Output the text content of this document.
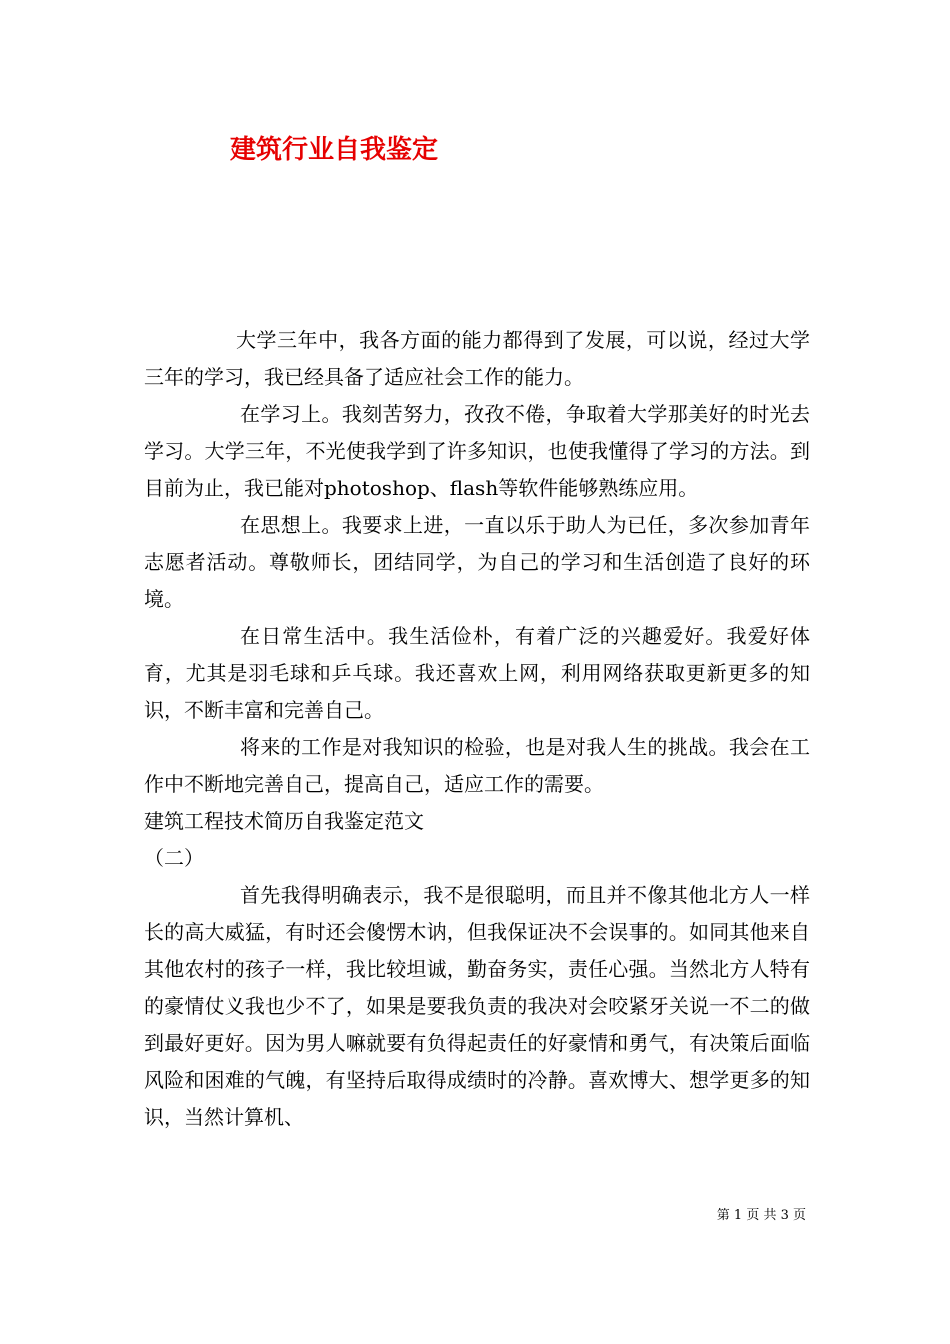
建筑行业自我鉴定

大学三年中，我各方面的能力都得到了发展，可以说，经过大学三年的学习，我已经具备了适应社会工作的能力。

在学习上。我刻苦努力，孜孜不倦，争取着大学那美好的时光去学习。大学三年，不光使我学到了许多知识，也使我懂得了学习的方法。到目前为止，我已能对photoshop、flash等软件能够熟练应用。

在思想上。我要求上进，一直以乐于助人为已任，多次参加青年志愿者活动。尊敬师长，团结同学，为自己的学习和生活创造了良好的环境。

在日常生活中。我生活俭朴，有着广泛的兴趣爱好。我爱好体育，尤其是羽毛球和乒乓球。我还喜欢上网，利用网络获取更新更多的知识，不断丰富和完善自己。

将来的工作是对我知识的检验，也是对我人生的挑战。我会在工作中不断地完善自己，提高自己，适应工作的需要。

建筑工程技术简历自我鉴定范文

（二）

首先我得明确表示，我不是很聪明，而且并不像其他北方人一样长的高大威猛，有时还会傻愣木讷，但我保证决不会误事的。如同其他来自其他农村的孩子一样，我比较坦诚，勤奋务实，责任心强。当然北方人特有的豪情仗义我也少不了，如果是要我负责的我决对会咬紧牙关说一不二的做到最好更好。因为男人嘛就要有负得起责任的好豪情和勇气，有决策后面临风险和困难的气魄，有坚持后取得成绩时的冷静。喜欢博大、想学更多的知识，当然计算机、

第 1 页 共 3 页
